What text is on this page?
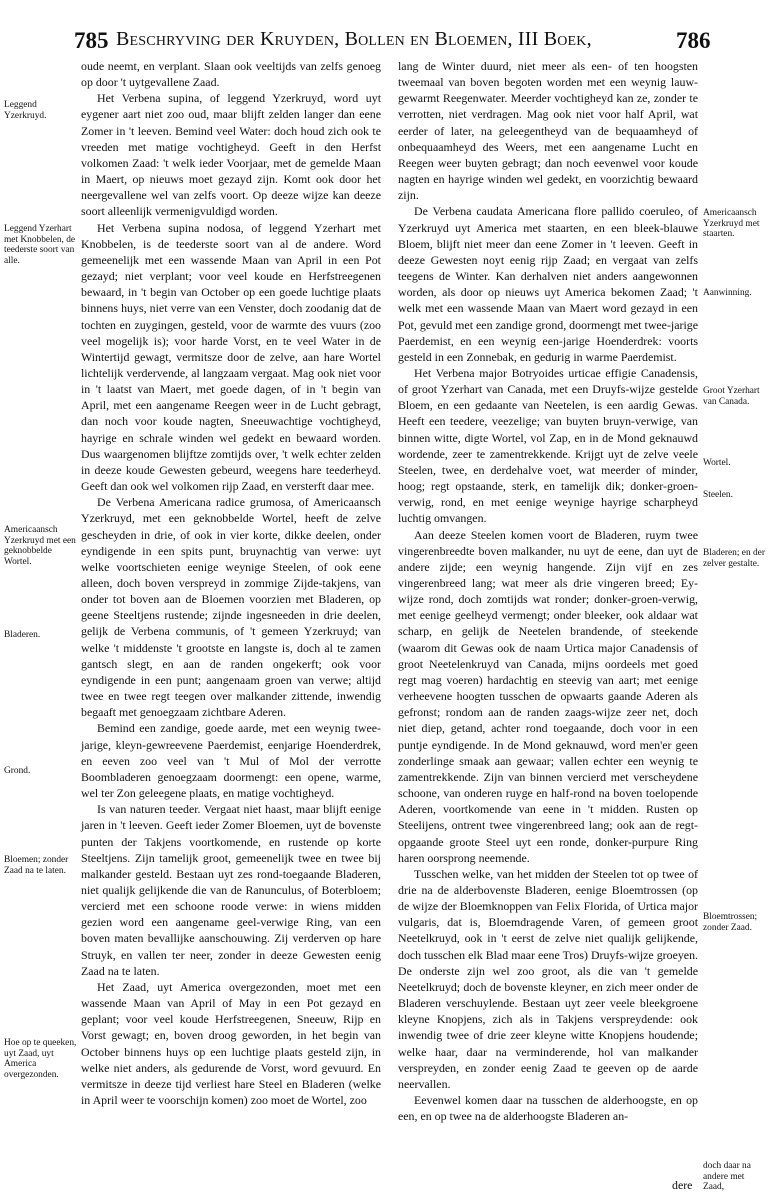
785 Beschryving der Kruyden, Bollen en Bloemen, III Boek,	786
Leggend Yzerkruyd.
Leggend Yzerhart met Knobbelen, de teederste soort van alle.
Americaansch Yzerkruyd met een geknobbelde Wortel.
Bladeren.
Grond.
Bloemen; zonder Zaad na te laten.
Hoe op te queeken, uyt Zaad, uyt America overgezonden.

oude neemt, en verplant. Slaan ook veeltijds van zelfs genoeg op door 't uytgevallene Zaad.

Het Verbena supina, of leggend Yzerkruyd, word uyt eygener aart niet zoo oud, maar blijft zelden langer dan eene Zomer in 't leeven. Bemind veel Water: doch houd zich ook te vreeden met matige vochtigheyd. Geeft in den Herfst volkomen Zaad: 't welk ieder Voorjaar, met de gemelde Maan in Maert, op nieuws moet gezayd zijn. Komt ook door het neergevallene wel van zelfs voort. Op deeze wijze kan deeze soort alleenlijk vermenigvuldigd worden.

Het Verbena supina nodosa, of leggend Yzerhart met Knobbelen, is de teederste soort van al de andere. Word gemeenelijk met een wassende Maan van April in een Pot gezayd; niet verplant; voor veel koude en Herfstreegenen bewaard, in 't begin van October op een goede luchtige plaats binnens huys, niet verre van een Venster, doch zoodanig dat de tochten en zuygingen, gesteld, voor de warmte des vuurs (zoo veel mogelijk is); voor harde Vorst, en te veel Water in de Wintertijd gewagt, vermitsze door de zelve, aan hare Wortel lichtelijk verdervende, al langzaam vergaat. Mag ook niet voor in 't laatst van Maert, met goede dagen, of in 't begin van April, met een aangename Reegen weer in de Lucht gebragt, dan noch voor koude nagten, Sneeuwachtige vochtigheyd, hayrige en schrale winden wel gedekt en bewaard worden. Dus waargenomen blijftze zomtijds over, 't welk echter zelden in deeze koude Gewesten gebeurd, weegens hare teederheyd. Geeft dan ook wel volkomen rijp Zaad, en versterft daar mee.

De Verbena Americana radice grumosa, of Americaansch Yzerkruyd, met een geknobbelde Wortel, heeft de zelve gescheyden in drie, of ook in vier korte, dikke deelen, onder eyndigende in een spits punt, bruynachtig van verwe: uyt welke voortschieten eenige weynige Steelen, of ook eene alleen, doch boven verspreyd in zommige Zijde-takjens, van onder tot boven aan de Bloemen voorzien met Bladeren, op geene Steeltjens rustende; zijnde ingesneeden in drie deelen, gelijk de Verbena communis, of 't gemeen Yzerkruyd; van welke 't middenste 't grootste en langste is, doch al te zamen gantsch slegt, en aan de randen ongekerft; ook voor eyndigende in een punt; aangenaam groen van verwe; altijd twee en twee regt teegen over malkander zittende, inwendig begaaft met genoegzaam zichtbare Aderen.

Bemind een zandige, goede aarde, met een weynig twee-jarige, kleyn-gewreevene Paerdemist, eenjarige Hoenderdrek, en eeven zoo veel van 't Mul of Mol der verrotte Boombladeren genoegzaam doormengt: een opene, warme, wel ter Zon geleegene plaats, en matige vochtigheyd.

Is van naturen teeder. Vergaat niet haast, maar blijft eenige jaren in 't leeven. Geeft ieder Zomer Bloemen, uyt de bovenste punten der Takjens voortkomende, en rustende op korte Steeltjens. Zijn tamelijk groot, gemeenelijk twee en twee bij malkander gesteld. Bestaan uyt zes rond-toegaande Bladeren, niet qualijk gelijkende die van de Ranunculus, of Boterbloem; vercierd met een schoone roode verwe: in wiens midden gezien word een aangename geel-verwige Ring, van een boven maten bevallijke aanschouwing. Zij verderven op hare Struyk, en vallen ter neer, zonder in deeze Gewesten eenig Zaad na te laten.

Het Zaad, uyt America overgezonden, moet met een wassende Maan van April of May in een Pot gezayd en geplant; voor veel koude Herfstreegenen, Sneeuw, Rijp en Vorst gewagt; en, boven droog geworden, in het begin van October binnens huys op een luchtige plaats gesteld zijn, in welke niet anders, als gedurende de Vorst, word gevuurd. En vermitsze in deeze tijd verliest hare Steel en Bladeren (welke in April weer te voorschijn komen) zoo moet de Wortel, zoo

lang de Winter duurd, niet meer als een- of ten hoogsten tweemaal van boven begoten worden met een weynig lauw-gewarmt Reegenwater. Meerder vochtigheyd kan ze, zonder te verrotten, niet verdragen. Mag ook niet voor half April, wat eerder of later, na geleegentheyd van de bequaamheyd of onbequaamheyd des Weers, met een aangename Lucht en Reegen weer buyten gebragt; dan noch eevenwel voor koude nagten en hayrige winden wel gedekt, en voorzichtig bewaard zijn.

De Verbena caudata Americana flore pallido coeruleo, of Yzerkruyd uyt America met staarten, en een bleek-blauwe Bloem, blijft niet meer dan eene Zomer in 't leeven. Geeft in deeze Gewesten noyt eenig rijp Zaad; en vergaat van zelfs teegens de Winter. Kan derhalven niet anders aangewonnen worden, als door op nieuws uyt America bekomen Zaad; 't welk met een wassende Maan van Maert word gezayd in een Pot, gevuld met een zandige grond, doormengt met twee-jarige Paerdemist, en een weynig een-jarige Hoenderdrek: voorts gesteld in een Zonnebak, en gedurig in warme Paerdemist.

Het Verbena major Botryoides urticae effigie Canadensis, of groot Yzerhart van Canada, met een Druyfs-wijze gestelde Bloem, en een gedaante van Neetelen, is een aardig Gewas. Heeft een teedere, veezelige; van buyten bruyn-verwige, van binnen witte, digte Wortel, vol Zap, en in de Mond geknauwd wordende, zeer te zamentrekkende. Krijgt uyt de zelve veele Steelen, twee, en derdehalve voet, wat meerder of minder, hoog; regt opstaande, sterk, en tamelijk dik; donker-groen-verwig, rond, en met eenige weynige hayrige scharpheyd luchtig omvangen.

Aan deeze Steelen komen voort de Bladeren, ruym twee vingerenbreedte boven malkander, nu uyt de eene, dan uyt de andere zijde; een weynig hangende. Zijn vijf en zes vingerenbreed lang; wat meer als drie vingeren breed; Ey-wijze rond, doch zomtijds wat ronder; donker-groen-verwig, met eenige geelheyd vermengt; onder bleeker, ook aldaar wat scharp, en gelijk de Neetelen brandende, of steekende (waarom dit Gewas ook de naam Urtica major Canadensis of groot Neetelenkruyd van Canada, mijns oordeels met goed regt mag voeren) hardachtig en steevig van aart; met eenige verheevene hoogten tusschen de opwaarts gaande Aderen als gefronst; rondom aan de randen zaags-wijze zeer net, doch niet diep, getand, achter rond toegaande, doch voor in een puntje eyndigende. In de Mond geknauwd, word men'er geen zonderlinge smaak aan gewaar; vallen echter een weynig te zamentrekkende. Zijn van binnen vercierd met verscheydene schoone, van onderen ruyge en half-rond na boven toelopende Aderen, voortkomende van eene in 't midden. Rusten op Steelijens, ontrent twee vingerenbreed lang; ook aan de regt-opgaande groote Steel uyt een ronde, donker-purpure Ring haren oorsprong neemende.

Tusschen welke, van het midden der Steelen tot op twee of drie na de alderbovenste Bladeren, eenige Bloemtrossen (op de wijze der Bloemknoppen van Felix Florida, of Urtica major vulgaris, dat is, Bloemdragende Varen, of gemeen groot Neetelkruyd, ook in 't eerst de zelve niet qualijk gelijkende, doch tusschen elk Blad maar eene Tros) Druyfs-wijze groeyen. De onderste zijn wel zoo groot, als die van 't gemelde Neetelkruyd; doch de bovenste kleyner, en zich meer onder de Bladeren verschuylende. Bestaan uyt zeer veele bleekgroene kleyne Knopjens, zich als in Takjens verspreydende: ook inwendig twee of drie zeer kleyne witte Knopjens houdende; welke haar, daar na verminderende, hol van malkander verspreyden, en zonder eenig Zaad te geeven op de aarde neervallen.

Eevenwel komen daar na tusschen de alderhoogste, en op een, en op twee na de alderhoogste Bladeren an-

Americaansch Yzerkruyd met staarten.
Aanwinning.
Groot Yzerhart van Canada.
Wortel.
Steelen.
Bladeren; en der zelver gestalte.
Bloemtrossen; zonder Zaad.
doch daar na andere met Zaad,
dere
